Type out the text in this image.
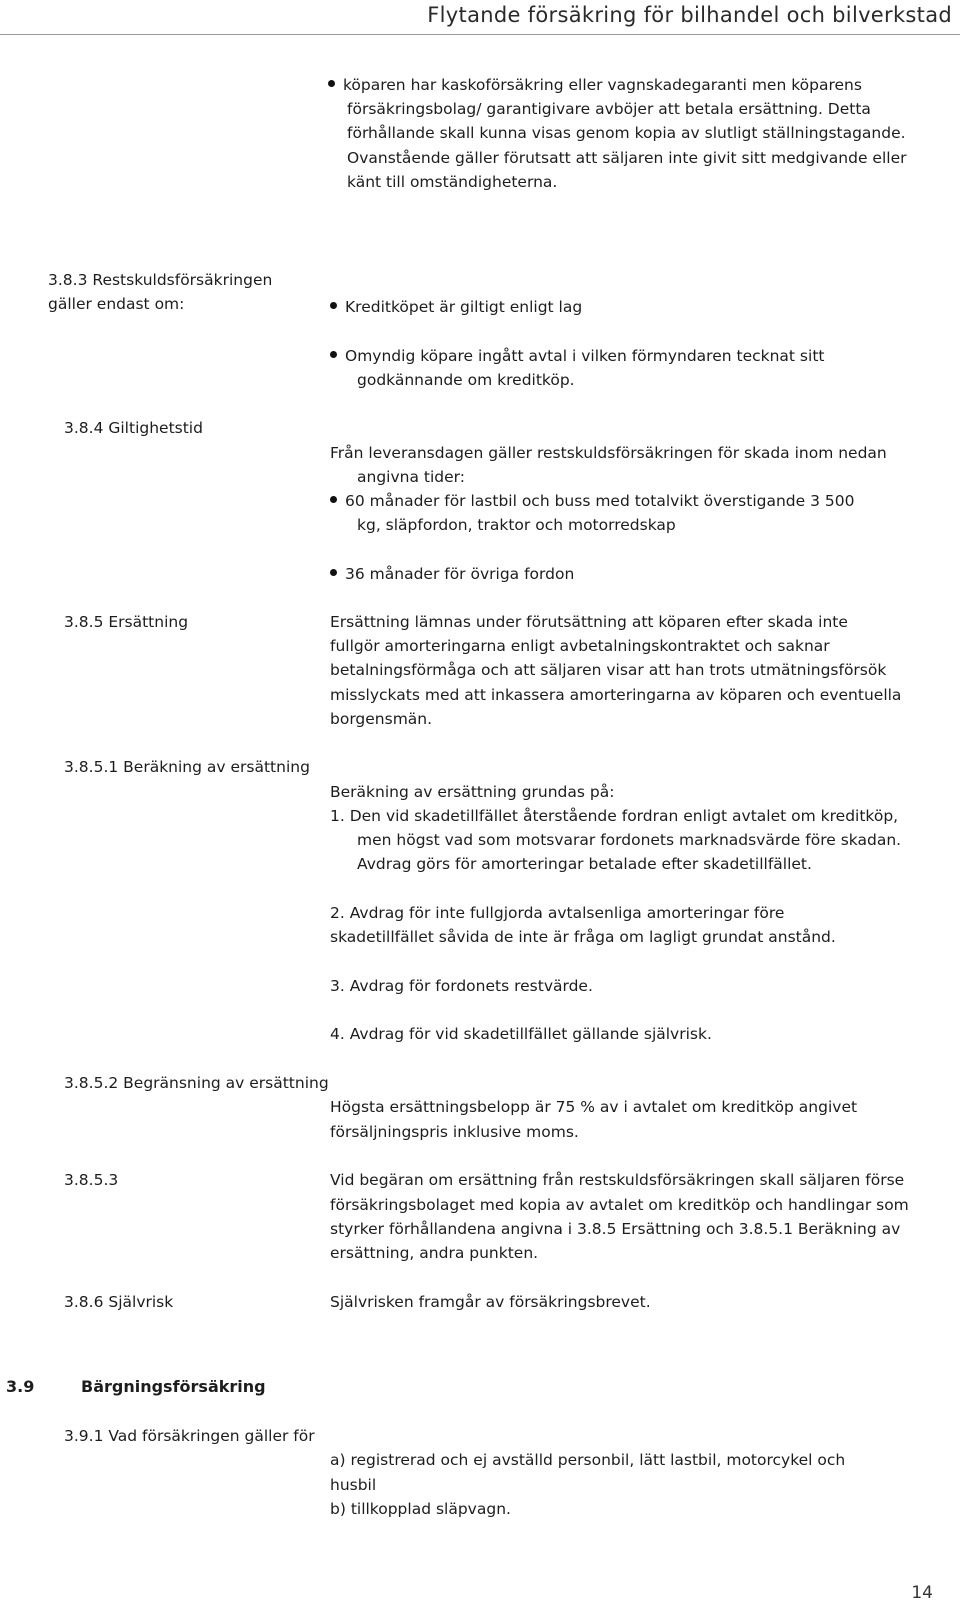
Flytande försäkring för bilhandel och bilverkstad
köparen har kaskoförsäkring eller vagnskadegaranti men köparens
försäkringsbolag/ garantigivare avböjer att betala ersättning. Detta
förhållande skall kunna visas genom kopia av slutligt ställningstagande.
Ovanstående gäller förutsatt att säljaren inte givit sitt medgivande eller
känt till omständigheterna.
3.8.3 Restskuldsförsäkringen
gäller endast om:	Kreditköpet är giltigt enligt lag
Omyndig köpare ingått avtal i vilken förmyndaren tecknat sitt
godkännande om kreditköp.
3.8.4 Giltighetstid
Från leveransdagen gäller restskuldsförsäkringen för skada inom nedan
angivna tider:
60 månader för lastbil och buss med totalvikt överstigande 3 500
kg, släpfordon, traktor och motorredskap
36 månader för övriga fordon
3.8.5 Ersättning	Ersättning lämnas under förutsättning att köparen efter skada inte
fullgör amorteringarna enligt avbetalningskontraktet och saknar
betalningsförmåga och att säljaren visar att han trots utmätningsförsök
misslyckats med att inkassera amorteringarna av köparen och eventuella
borgensmän.
3.8.5.1 Beräkning av ersättning
Beräkning av ersättning grundas på:
1. Den vid skadetillfället återstående fordran enligt avtalet om kreditköp,
men högst vad som motsvarar fordonets marknadsvärde före skadan.
Avdrag görs för amorteringar betalade efter skadetillfället.
2. Avdrag för inte fullgjorda avtalsenliga amorteringar före
skadetillfället såvida de inte är fråga om lagligt grundat anstånd.
3. Avdrag för fordonets restvärde.
4. Avdrag för vid skadetillfället gällande självrisk.
3.8.5.2 Begränsning av ersättning
Högsta ersättningsbelopp är 75 % av i avtalet om kreditköp angivet
försäljningspris inklusive moms.
3.8.5.3	Vid begäran om ersättning från restskuldsförsäkringen skall säljaren förse
försäkringsbolaget med kopia av avtalet om kreditköp och handlingar som
styrker förhållandena angivna i 3.8.5 Ersättning och 3.8.5.1 Beräkning av
ersättning, andra punkten.
3.8.6 Självrisk	Självrisken framgår av försäkringsbrevet.
3.9	Bärgningsförsäkring
3.9.1 Vad försäkringen gäller för
a) registrerad och ej avställd personbil, lätt lastbil, motorcykel och
husbil
b) tillkopplad släpvagn.
14
